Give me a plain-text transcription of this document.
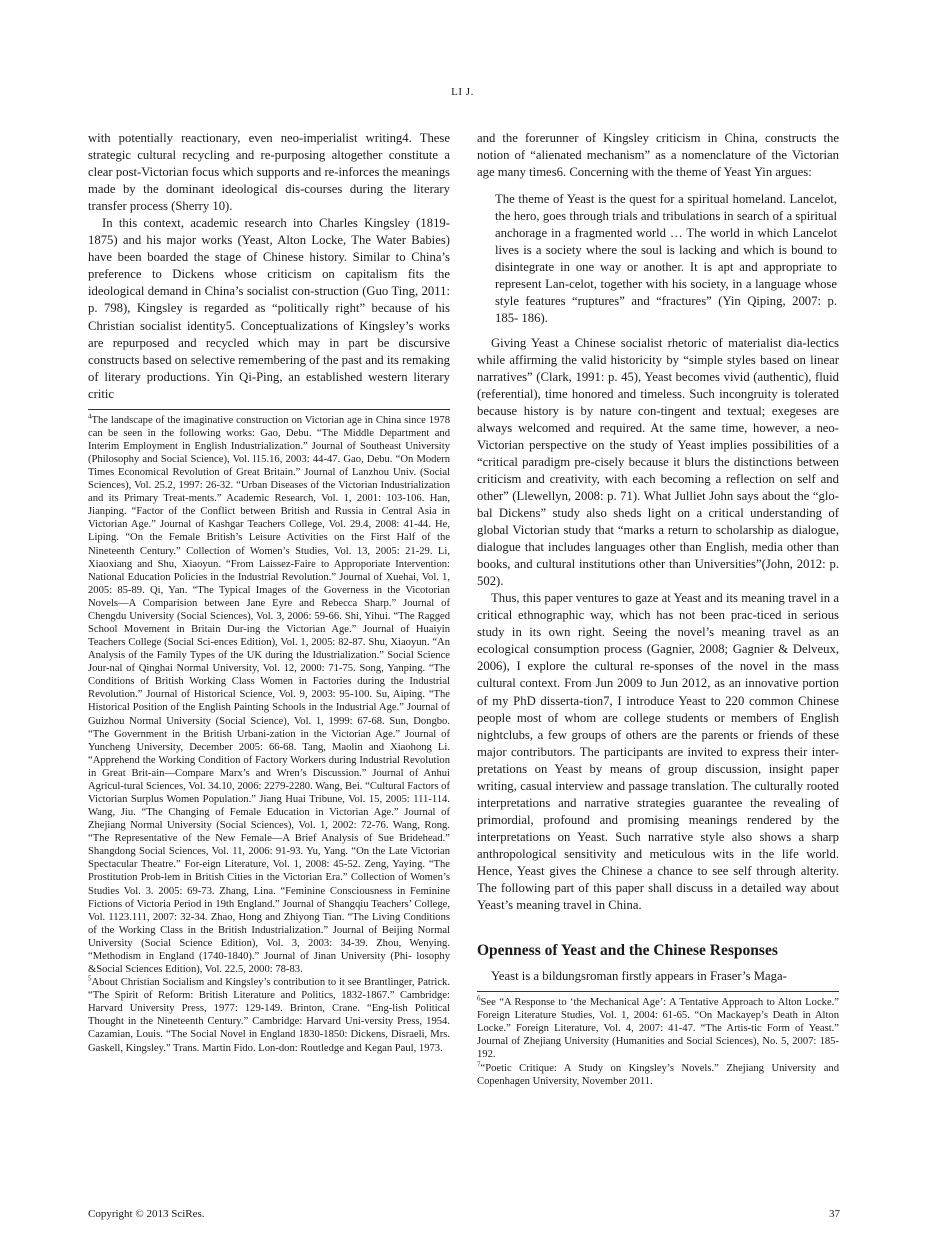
LI J.

with potentially reactionary, even neo-imperialist writing4. These strategic cultural recycling and re-purposing altogether constitute a clear post-Victorian focus which supports and re-inforces the meanings made by the dominant ideological dis-courses during the literary transfer process (Sherry 10).

In this context, academic research into Charles Kingsley (1819-1875) and his major works (Yeast, Alton Locke, The Water Babies) have been boarded the stage of Chinese history. Similar to China’s preference to Dickens whose criticism on capitalism fits the ideological demand in China’s socialist con-struction (Guo Ting, 2011: p. 798), Kingsley is regarded as “politically right” because of his Christian socialist identity5. Conceptualizations of Kingsley’s works are repurposed and recycled which may in part be discursive constructs based on selective remembering of the past and its remaking of literary productions. Yin Qi-Ping, an established western literary critic

$^4$The landscape of the imaginative construction on Victorian age in China since 1978 can be seen in the following works: Gao, Debu. “The Middle Department and Interim Employment in English Industrialization.” Journal of Southeast University (Philosophy and Social Science), Vol. l15.16, 2003: 44-47. Gao, Debu. “On Modern Times Economical Revolution of Great Britain.” Journal of Lanzhou Univ. (Social Sciences), Vol. 25.2, 1997: 26-32. “Urban Diseases of the Victorian Industrialization and its Primary Treat-ments.” Academic Research, Vol. 1, 2001: 103-106. Han, Jianping. “Factor of the Conflict between British and Russia in Central Asia in Victorian Age.” Journal of Kashgar Teachers College, Vol. 29.4, 2008: 41-44. He, Liping. “On the Female British’s Leisure Activities on the First Half of the Nineteenth Century.” Collection of Women’s Studies, Vol. 13, 2005: 21-29. Li, Xiaoxiang and Shu, Xiaoyun. “From Laissez-Faire to Approporiate Intervention: National Education Policies in the Industrial Revolution.” Journal of Xuehai, Vol. 1, 2005: 85-89. Qi, Yan. “The Typical Images of the Governess in the Vicotorian Novels—A Comparision between Jane Eyre and Rebecca Sharp.” Journal of Chengdu University (Social Sciences), Vol. 3, 2006: 59-66. Shi, Yihui. “The Ragged School Movement in Britain Dur-ing the Victorian Age.” Journal of Huaiyin Teachers College (Social Sci-ences Edition), Vol. 1, 2005: 82-87. Shu, Xiaoyun. “An Analysis of the Family Types of the UK during the Idustrialization.” Social Science Jour-nal of Qinghai Normal University, Vol. 12, 2000: 71-75. Song, Yanping. “The Conditions of British Working Class Women in Factories during the Industrial Revolution.” Journal of Historical Science, Vol. 9, 2003: 95-100. Su, Aiping. “The Historical Position of the English Painting Schools in the Industrial Age.” Journal of Guizhou Normal University (Social Science), Vol. 1, 1999: 67-68. Sun, Dongbo. “The Government in the British Urbani-zation in the Victorian Age.” Journal of Yuncheng University, December 2005: 66-68. Tang, Maolin and Xiaohong Li. “Apprehend the Working Condition of Factory Workers during Industrial Revolution in Great Brit-ain—Compare Marx’s and Wren’s Discussion.” Journal of Anhui Agricul-tural Sciences, Vol. 34.10, 2006: 2279-2280. Wang, Bei. “Cultural Factors of Victorian Surplus Women Population.” Jiang Huai Tribune, Vol. 15, 2005: 111-114. Wang, Jiu. “The Changing of Female Education in Victorian Age.” Journal of Zhejiang Normal University (Social Sciences), Vol. 1, 2002: 72-76. Wang, Rong. “The Representative of the New Female—A Brief Analysis of Sue Bridehead.” Shangdong Social Sciences, Vol. 11, 2006: 91-93. Yu, Yang. “On the Late Victorian Spectacular Theatre.” For-eign Literature, Vol. 1, 2008: 45-52. Zeng, Yaying. “The Prostitution Prob-lem in British Cities in the Victorian Era.” Collection of Women’s Studies Vol. 3. 2005: 69-73. Zhang, Lina. “Feminine Consciousness in Feminine Fictions of Victoria Period in 19th England.” Journal of Shangqiu Teachers’ College, Vol. 1123.111, 2007: 32-34. Zhao, Hong and Zhiyong Tian. “The Living Conditions of the Working Class in the British Industrialization.” Journal of Beijing Normal University (Social Science Edition), Vol. 3, 2003: 34-39. Zhou, Wenying. “Methodism in England (1740-1840).” Journal of Jinan University (Phi- losophy &Social Sciences Edition), Vol. 22.5, 2000: 78-83.

$^5$About Christian Socialism and Kingsley’s contribution to it see Brantlinger, Patrick. “The Spirit of Reform: British Literature and Politics, 1832-1867.” Cambridge: Harvard University Press, 1977: 129-149. Brinton, Crane. “Eng-lish Political Thought in the Nineteenth Century.” Cambridge: Harvard Uni-versity Press, 1954. Cazamian, Louis. “The Social Novel in England 1830-1850: Dickens, Disraeli, Mrs. Gaskell, Kingsley.” Trans. Martin Fido. Lon-don: Routledge and Kegan Paul, 1973.

and the forerunner of Kingsley criticism in China, constructs the notion of “alienated mechanism” as a nomenclature of the Victorian age many times6. Concerning with the theme of Yeast Yin argues:

The theme of Yeast is the quest for a spiritual homeland. Lancelot, the hero, goes through trials and tribulations in search of a spiritual anchorage in a fragmented world … The world in which Lancelot lives is a society where the soul is lacking and which is bound to disintegrate in one way or another. It is apt and appropriate to represent Lan-celot, together with his society, in a language whose style features “ruptures” and “fractures” (Yin Qiping, 2007: p. 185- 186).

Giving Yeast a Chinese socialist rhetoric of materialist dia-lectics while affirming the valid historicity by “simple styles based on linear narratives” (Clark, 1991: p. 45), Yeast becomes vivid (authentic), fluid (referential), time honored and timeless. Such incongruity is tolerated because history is by nature con-tingent and textual; exegeses are always welcomed and required. At the same time, however, a neo-Victorian perspective on the study of Yeast implies possibilities of a “critical paradigm pre-cisely because it blurs the distinctions between criticism and creativity, with each becoming a reflection on self and other” (Llewellyn, 2008: p. 71). What Julliet John says about the “glo-bal Dickens” study also sheds light on a critical understanding of global Victorian study that “marks a return to scholarship as dialogue, dialogue that includes languages other than English, media other than books, and cultural institutions other than Universities”(John, 2012: p. 502).

Thus, this paper ventures to gaze at Yeast and its meaning travel in a critical ethnographic way, which has not been prac-ticed in serious study in its own right. Seeing the novel’s meaning travel as an ecological consumption process (Gagnier, 2008; Gagnier & Delveux, 2006), I explore the cultural re-sponses of the novel in the mass cultural context. From Jun 2009 to Jun 2012, as an innovative portion of my PhD disserta-tion7, I introduce Yeast to 220 common Chinese people most of whom are college students or members of English nightclubs, a few groups of others are the parents or friends of these major contributors. The participants are invited to express their inter-pretations on Yeast by means of group discussion, insight paper writing, casual interview and passage translation. The culturally rooted interpretations and narrative strategies guarantee the revealing of primordial, profound and promising meanings rendered by the interpretations on Yeast. Such narrative style also shows a sharp anthropological sensitivity and meticulous wits in the life world. Hence, Yeast gives the Chinese a chance to see self through alterity. The following part of this paper shall discuss in a detailed way about Yeast’s meaning travel in China.

Openness of Yeast and the Chinese Responses

Yeast is a bildungsroman firstly appears in Fraser’s Maga-

$^6$See “A Response to ‘the Mechanical Age’: A Tentative Approach to Alton Locke.” Foreign Literature Studies, Vol. 1, 2004: 61-65. “On Mackayep’s Death in Alton Locke.” Foreign Literature, Vol. 4, 2007: 41-47. “The Artis-tic Form of Yeast.” Journal of Zhejiang University (Humanities and Social Sciences), No. 5, 2007: 185-192.

$^7$“Poetic Critique: A Study on Kingsley’s Novels.” Zhejiang University and Copenhagen University, November 2011.

Copyright © 2013 SciRes.	37
